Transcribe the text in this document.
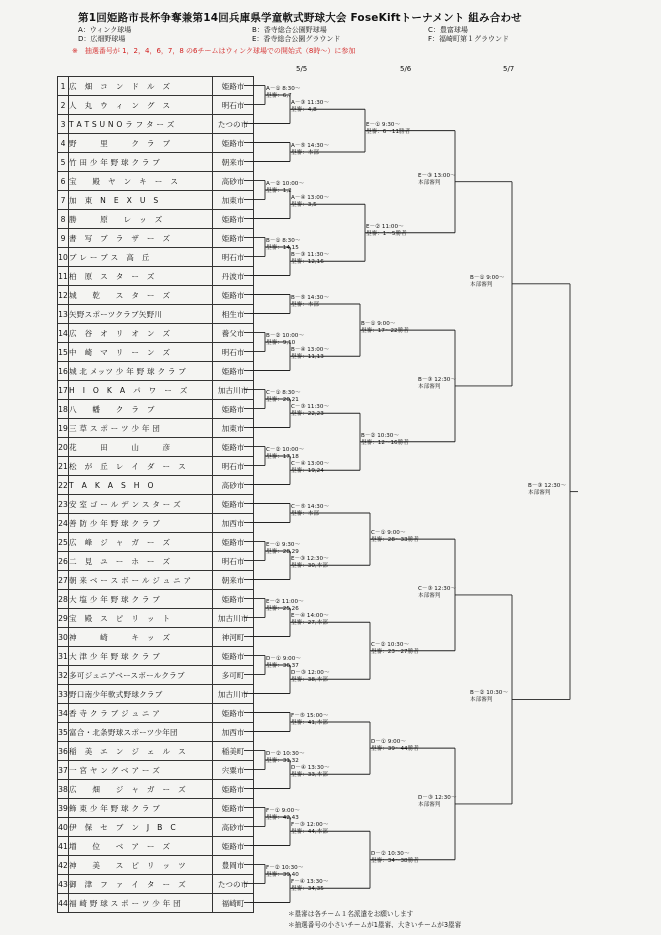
第1回姫路市長杯争奪兼第14回兵庫県学童軟式野球大会 FoseKiftトーナメント 組み合わせ
A：ウィンク球場
D：広畑野球場
B：香寺総合公園野球場
E：香寺総合公園グラウンド
C：豊富球場
F：福崎町第１グラウンド
※　抽選番号が 1，2，4，6，7，8 の6チームはウィンク球場での開始式（8時～）に参加
5/5	5/6	5/7
1	広　畑　コ　ン　ド　ル　ズ	姫路市
2	人　丸　ウ　ィ　ン　グ　ス	明石市
3	T A T S U N O ラ フ タ ー ズ	たつの市
4	野　　　里　　　ク　ラ　ブ	姫路市
5	竹 田 少 年 野 球 ク ラ ブ	朝来市
6	宝　　殿　ヤ　ン　キ　ー　ス	高砂市
7	加　東　N　E　X　U　S	加東市
8	勝　　　原　　レ　ッ　ズ	姫路市
9	書　写　ブ　ラ　ザ　ー　ズ	姫路市
10	ブ レ ー ブ ス　高　丘	明石市
11	柏　原　ス　タ　ー　ズ	丹波市
12	城　　乾　　ス　タ　ー　ズ	姫路市
13	矢野スポーツクラブ矢野川	相生市
14	広　谷　オ　リ　オ　ン　ズ	養父市
15	中　崎　マ　リ　ー　ン　ズ	明石市
16	城 北 メッツ 少 年 野 球 ク ラ ブ	姫路市
17	H　I　O　K　A　パ　ワ　ー　ズ	加古川市
18	八　　幡　　ク　ラ　ブ	姫路市
19	三 草 ス ポ ー ツ 少 年 団	加東市
20	花　　　田　　　山　　　彦	姫路市
21	松　が　丘　レ　イ　ダ　ー　ス	明石市
22	T　A　K　A　S　H　O	高砂市
23	安 室 ゴ ー ル デ ン ス タ ー ズ	姫路市
24	善 防 少 年 野 球 ク ラ ブ	加西市
25	広　峰　ジ　ャ　ガ　ー　ズ	姫路市
26	二　見　ユ　ー　ホ　ー　ズ	明石市
27	朝 来 ベ ー ス ボ ー ル ジ ュ ニ ア	朝来市
28	大 塩 少 年 野 球 ク ラ ブ	姫路市
29	宝　殿　ス　ピ　リ　ッ　ト	加古川市
30	神　　　崎　　　キ　ッ　ズ	神河町
31	大 津 少 年 野 球 ク ラ ブ	姫路市
32	多可ジュニアベースボールクラブ	多可町
33	野口南少年軟式野球クラブ	加古川市
34	香 寺 ク ラ ブ ジ ュ ニ ア	姫路市
35	富合・北条野球スポーツ少年団	加西市
36	稲　美　エ　ン　ジ　ェ　ル　ス	稲美町
37	一 宮 ヤ ン グ ベ ア ー ズ	宍粟市
38	広　　畑　　ジ　ャ　ガ　ー　ズ	姫路市
39	飾 東 少 年 野 球 ク ラ ブ	姫路市
40	伊　保　セ　ブ　ン　J　B　C	高砂市
41	増　　位　　ベ　ア　ー　ズ	姫路市
42	神　　美　　ス　ピ　リ　ッ　ツ	豊岡市
43	御　津　フ　ァ　イ　タ　ー　ズ	たつの市
44	福 崎 野 球 ス ポ ー ツ 少 年 団	福崎町
A－① 8:30～
塁審：6,7
A－③ 11:30～
塁審：4,8
A－⑤ 14:30～
塁審：本部
E－① 9:30～
塁審：6～11勝者
A－② 10:00～
塁審：1,2
A－④ 13:00～
塁審：3,5
B－① 8:30～
塁審：14,15
B－③ 11:30～
塁審：12,16
E－② 11:00～
塁審：1～5勝者
E－③ 13:00～
本部審判
B－⑤ 14:30～
塁審：本部
B－② 10:00～
塁審：9,10
B－④ 13:00～
塁審：11,13
B－① 9:00～
塁審：17～22勝者
C－① 8:30～
塁審：20,21
C－③ 11:30～
塁審：22,23
C－② 10:00～
塁審：17,18
C－④ 13:00～
塁審：19,24
B－② 10:30～
塁審：12～16勝者
B－③ 12:30～
本部審判
C－⑤ 14:30～
塁審：本部
E－① 9:30～
塁審：28,29
E－③ 12:30～
塁審：30,本部
C－① 9:00～
塁審：28～33勝者
E－② 11:00～
塁審：25,26
E－④ 14:00～
塁審：27,本部
D－① 9:00～
塁審：36,37
D－③ 12:00～
塁審：38,本部
C－② 10:30～
塁審：23～27勝者
C－③ 12:30～
本部審判
F－⑤ 15:00～
塁審：41,本部
D－② 10:30～
塁審：31,32
D－④ 13:30～
塁審：33,本部
D－① 9:00～
塁審：39～44勝者
F－① 9:00～
塁審：42,43
F－③ 12:00～
塁審：44,本部
F－② 10:30～
塁審：39,40
F－④ 13:30～
塁審：34,35
D－② 10:30～
塁審：34～38勝者
D－③ 12:30～
本部審判
B－① 9:00～
本部審判
B－② 10:30～
本部審判
B－③ 12:30～
本部審判
＊塁審は各チーム１名派遣をお願いします
＊抽選番号の小さいチームが1塁審、大きいチームが3塁審
